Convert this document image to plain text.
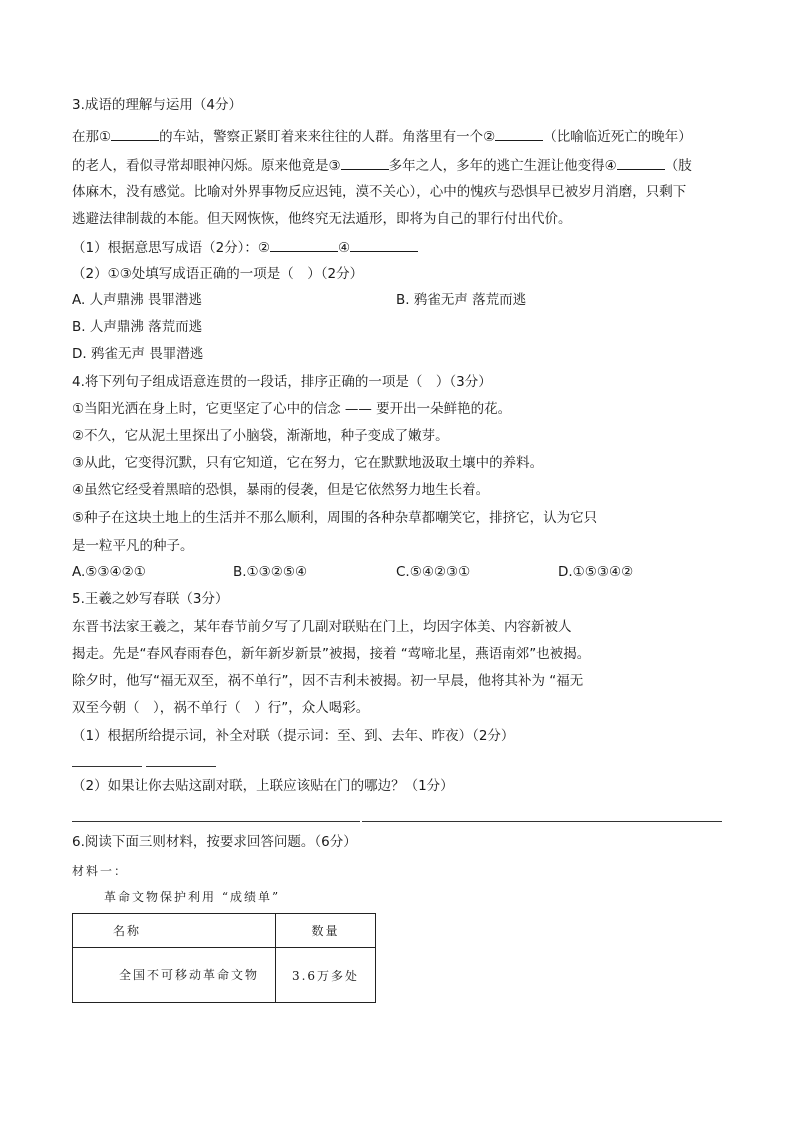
3.成语的理解与运用（4分）
在那①	的车站，警察正紧盯着来来往往的人群。角落里有一个②	（比喻临近死亡的晚年）
的老人，看似寻常却眼神闪烁。原来他竟是③	多年之人，多年的逃亡生涯让他变得④	（肢
体麻木，没有感觉。比喻对外界事物反应迟钝，漠不关心），心中的愧疚与恐惧早已被岁月消磨，只剩下
逃避法律制裁的本能。但天网恢恢，他终究无法遁形，即将为自己的罪行付出代价。
（1）根据意思写成语（2分）：②	④
（2）①③处填写成语正确的一项是（　）（2分）
A. 人声鼎沸 畏罪潜逃	B. 鸦雀无声 落荒而逃
B. 人声鼎沸 落荒而逃
D. 鸦雀无声 畏罪潜逃
4.将下列句子组成语意连贯的一段话，排序正确的一项是（　）（3分）
①当阳光洒在身上时，它更坚定了心中的信念 —— 要开出一朵鲜艳的花。
②不久，它从泥土里探出了小脑袋，渐渐地，种子变成了嫩芽。
③从此，它变得沉默，只有它知道，它在努力，它在默默地汲取土壤中的养料。
④虽然它经受着黑暗的恐惧，暴雨的侵袭，但是它依然努力地生长着。
⑤种子在这块土地上的生活并不那么顺利，周围的各种杂草都嘲笑它，排挤它，认为它只
是一粒平凡的种子。
A.⑤③④②①	B.①③②⑤④	C.⑤④②③①	D.①⑤③④②
5.王羲之妙写春联（3分）
东晋书法家王羲之，某年春节前夕写了几副对联贴在门上，均因字体美、内容新被人
揭走。先是“春风春雨春色，新年新岁新景”被揭，接着 “莺啼北星，燕语南郊”也被揭。
除夕时，他写“福无双至，祸不单行”，因不吉利未被揭。初一早晨，他将其补为 “福无
双至今朝（　），祸不单行（　）行”，众人喝彩。
（1）根据所给提示词，补全对联（提示词：至、到、去年、昨夜）（2分）
（2）如果让你去贴这副对联，上联应该贴在门的哪边？（1分）
6.阅读下面三则材料，按要求回答问题。（6分）
材料一：
革命文物保护利用 “成绩单”
名称	数量
全国不可移动革命文物	3.6万多处
